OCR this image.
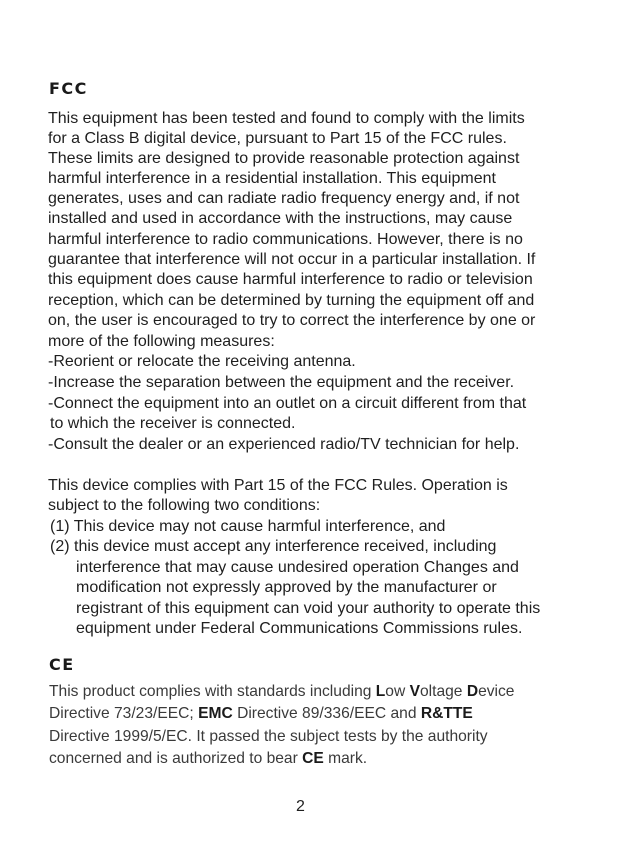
FCC
This equipment has been tested and found to comply with the limits
for a Class B digital device, pursuant to Part 15 of the FCC rules.
These limits are designed to provide reasonable protection against
harmful interference in a residential installation. This equipment
generates, uses and can radiate radio frequency energy and, if not
installed and used in accordance with the instructions, may cause
harmful interference to radio communications. However, there is no
guarantee that interference will not occur in a particular installation. If
this equipment does cause harmful interference to radio or television
reception, which can be determined by turning the equipment off and
on, the user is encouraged to try to correct the interference by one or
more of the following measures:
-Reorient or relocate the receiving antenna.
-Increase the separation between the equipment and the receiver.
-Connect the equipment into an outlet on a circuit different from that
to which the receiver is connected.
-Consult the dealer or an experienced radio/TV technician for help.
This device complies with Part 15 of the FCC Rules. Operation is
subject to the following two conditions:
(1) This device may not cause harmful interference, and
(2) this device must accept any interference received, including
interference that may cause undesired operation Changes and
modification not expressly approved by the manufacturer or
registrant of this equipment can void your authority to operate this
equipment under Federal Communications Commissions rules.
CE
This product complies with standards including Low Voltage Device
Directive 73/23/EEC; EMC Directive 89/336/EEC and R&TTE
Directive 1999/5/EC. It passed the subject tests by the authority
concerned and is authorized to bear CE mark.
2
